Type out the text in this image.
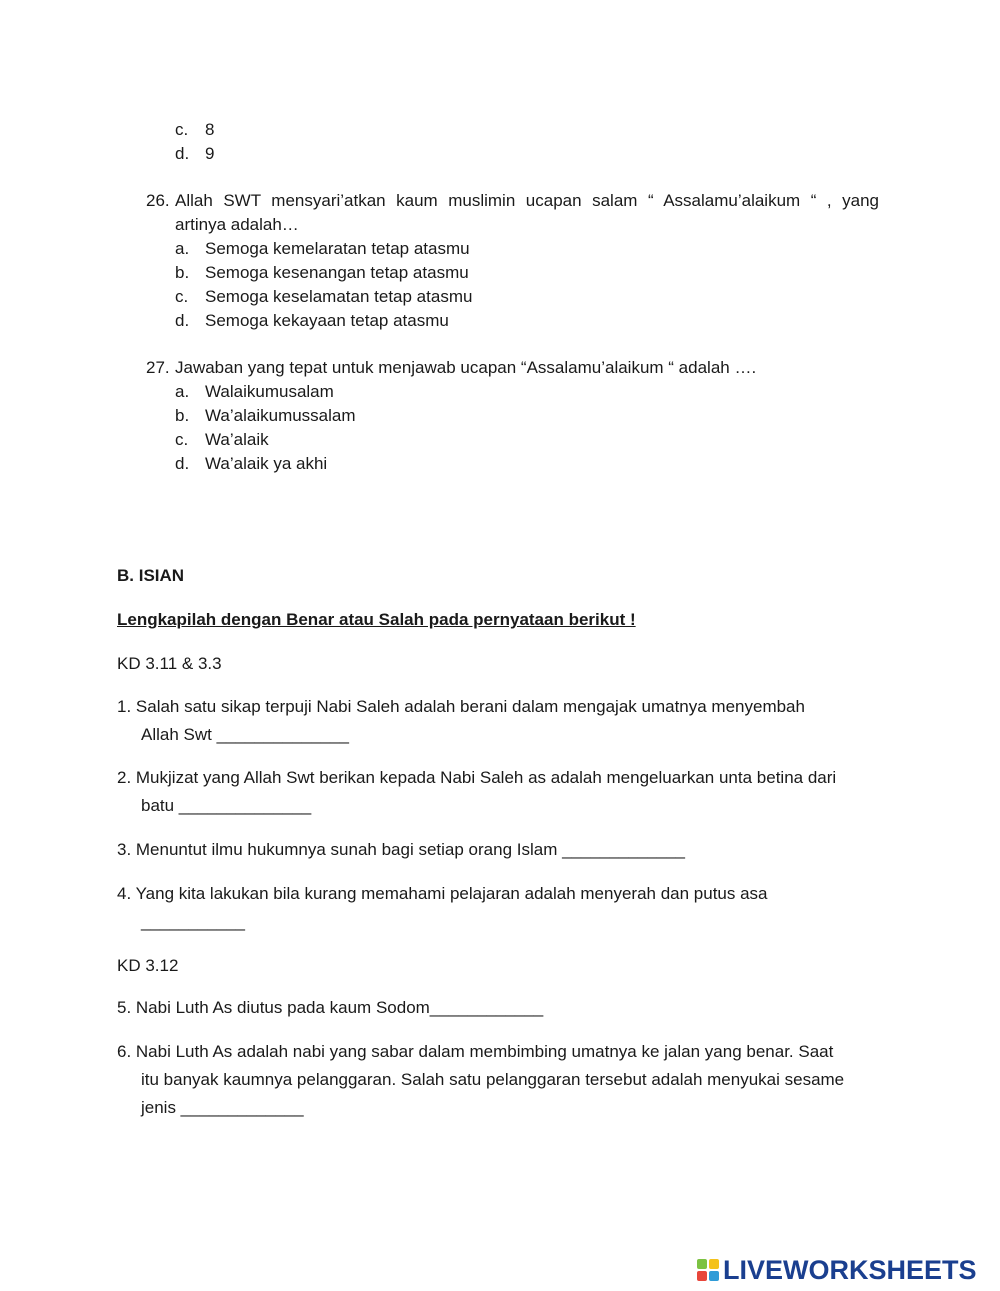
c. 8
d. 9
26. Allah SWT mensyari’atkan kaum muslimin ucapan salam “ Assalamu’alaikum “ , yang
artinya adalah…
a. Semoga kemelaratan tetap atasmu
b. Semoga kesenangan tetap atasmu
c. Semoga keselamatan tetap atasmu
d. Semoga kekayaan tetap atasmu
27. Jawaban yang tepat untuk menjawab ucapan “Assalamu’alaikum “ adalah ….
a. Walaikumusalam
b. Wa’alaikumussalam
c. Wa’alaik
d. Wa’alaik ya akhi
B. ISIAN
Lengkapilah dengan Benar atau Salah pada pernyataan berikut !
KD 3.11 & 3.3
1. Salah satu sikap terpuji Nabi Saleh adalah berani dalam mengajak umatnya menyembah
Allah Swt ______________
2. Mukjizat yang Allah Swt berikan kepada Nabi Saleh as adalah mengeluarkan unta betina dari
batu ______________
3. Menuntut ilmu hukumnya sunah bagi setiap orang Islam _____________
4. Yang kita lakukan bila kurang memahami pelajaran adalah menyerah dan putus asa
___________
KD 3.12
5. Nabi Luth As diutus pada kaum Sodom____________
6. Nabi Luth As adalah nabi yang sabar dalam membimbing umatnya ke jalan yang benar. Saat
itu banyak kaumnya pelanggaran. Salah satu pelanggaran tersebut adalah menyukai sesame
jenis _____________
LIVEWORKSHEETS
